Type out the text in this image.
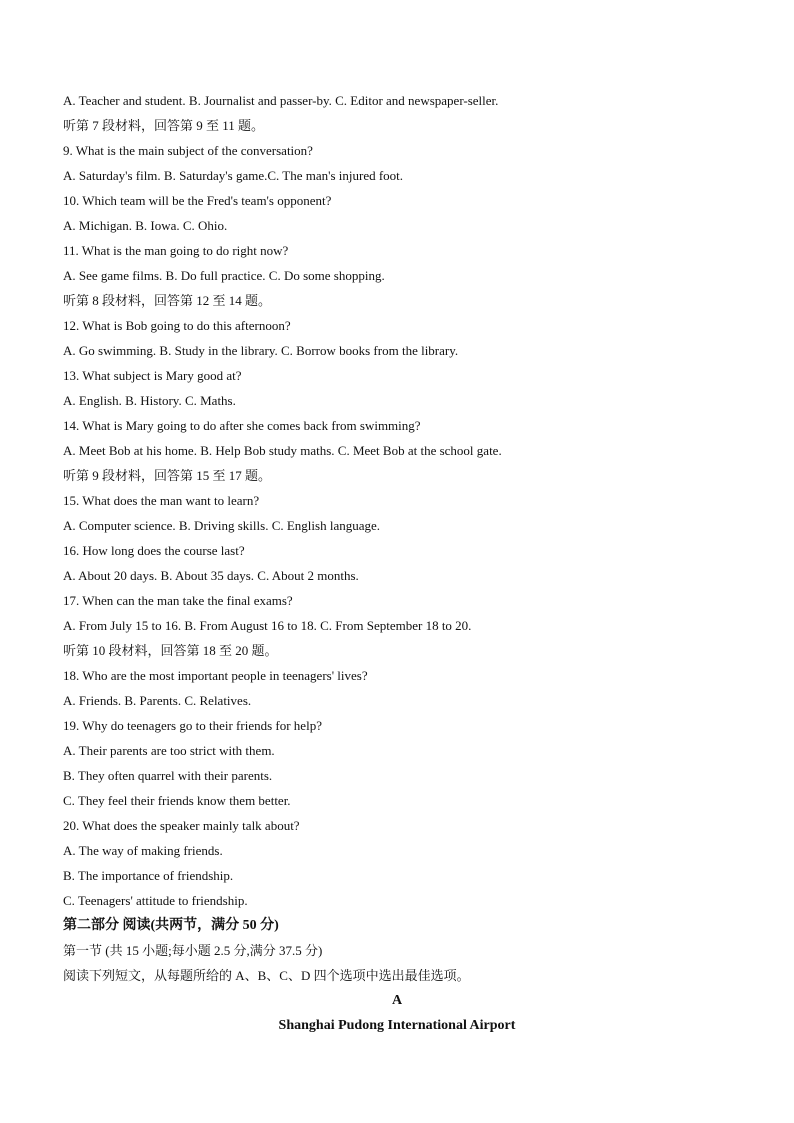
A. Teacher and student. B. Journalist and passer-by. C. Editor and newspaper-seller.
听第 7 段材料，回答第 9 至 11 题。
9. What is the main subject of the conversation?
A. Saturday's film. B. Saturday's game.C. The man's injured foot.
10. Which team will be the Fred's team's opponent?
A. Michigan. B. Iowa. C. Ohio.
11. What is the man going to do right now?
A. See game films. B. Do full practice. C. Do some shopping.
听第 8 段材料，回答第 12 至 14 题。
12. What is Bob going to do this afternoon?
A. Go swimming. B. Study in the library. C. Borrow books from the library.
13. What subject is Mary good at?
A. English. B. History. C. Maths.
14. What is Mary going to do after she comes back from swimming?
A. Meet Bob at his home. B. Help Bob study maths. C. Meet Bob at the school gate.
听第 9 段材料，回答第 15 至 17 题。
15. What does the man want to learn?
A. Computer science. B. Driving skills. C. English language.
16. How long does the course last?
A. About 20 days. B. About 35 days. C. About 2 months.
17. When can the man take the final exams?
A. From July 15 to 16. B. From August 16 to 18. C. From September 18 to 20.
听第 10 段材料，回答第 18 至 20 题。
18. Who are the most important people in teenagers' lives?
A. Friends. B. Parents. C. Relatives.
19. Why do teenagers go to their friends for help?
A. Their parents are too strict with them.
B. They often quarrel with their parents.
C. They feel their friends know them better.
20. What does the speaker mainly talk about?
A. The way of making friends.
B. The importance of friendship.
C. Teenagers' attitude to friendship.
第二部分 阅读(共两节，满分 50 分)
第一节 (共 15 小题;每小题 2.5 分,满分 37.5 分)
阅读下列短文，从每题所给的 A、B、C、D 四个选项中选出最佳选项。
A
Shanghai Pudong International Airport
